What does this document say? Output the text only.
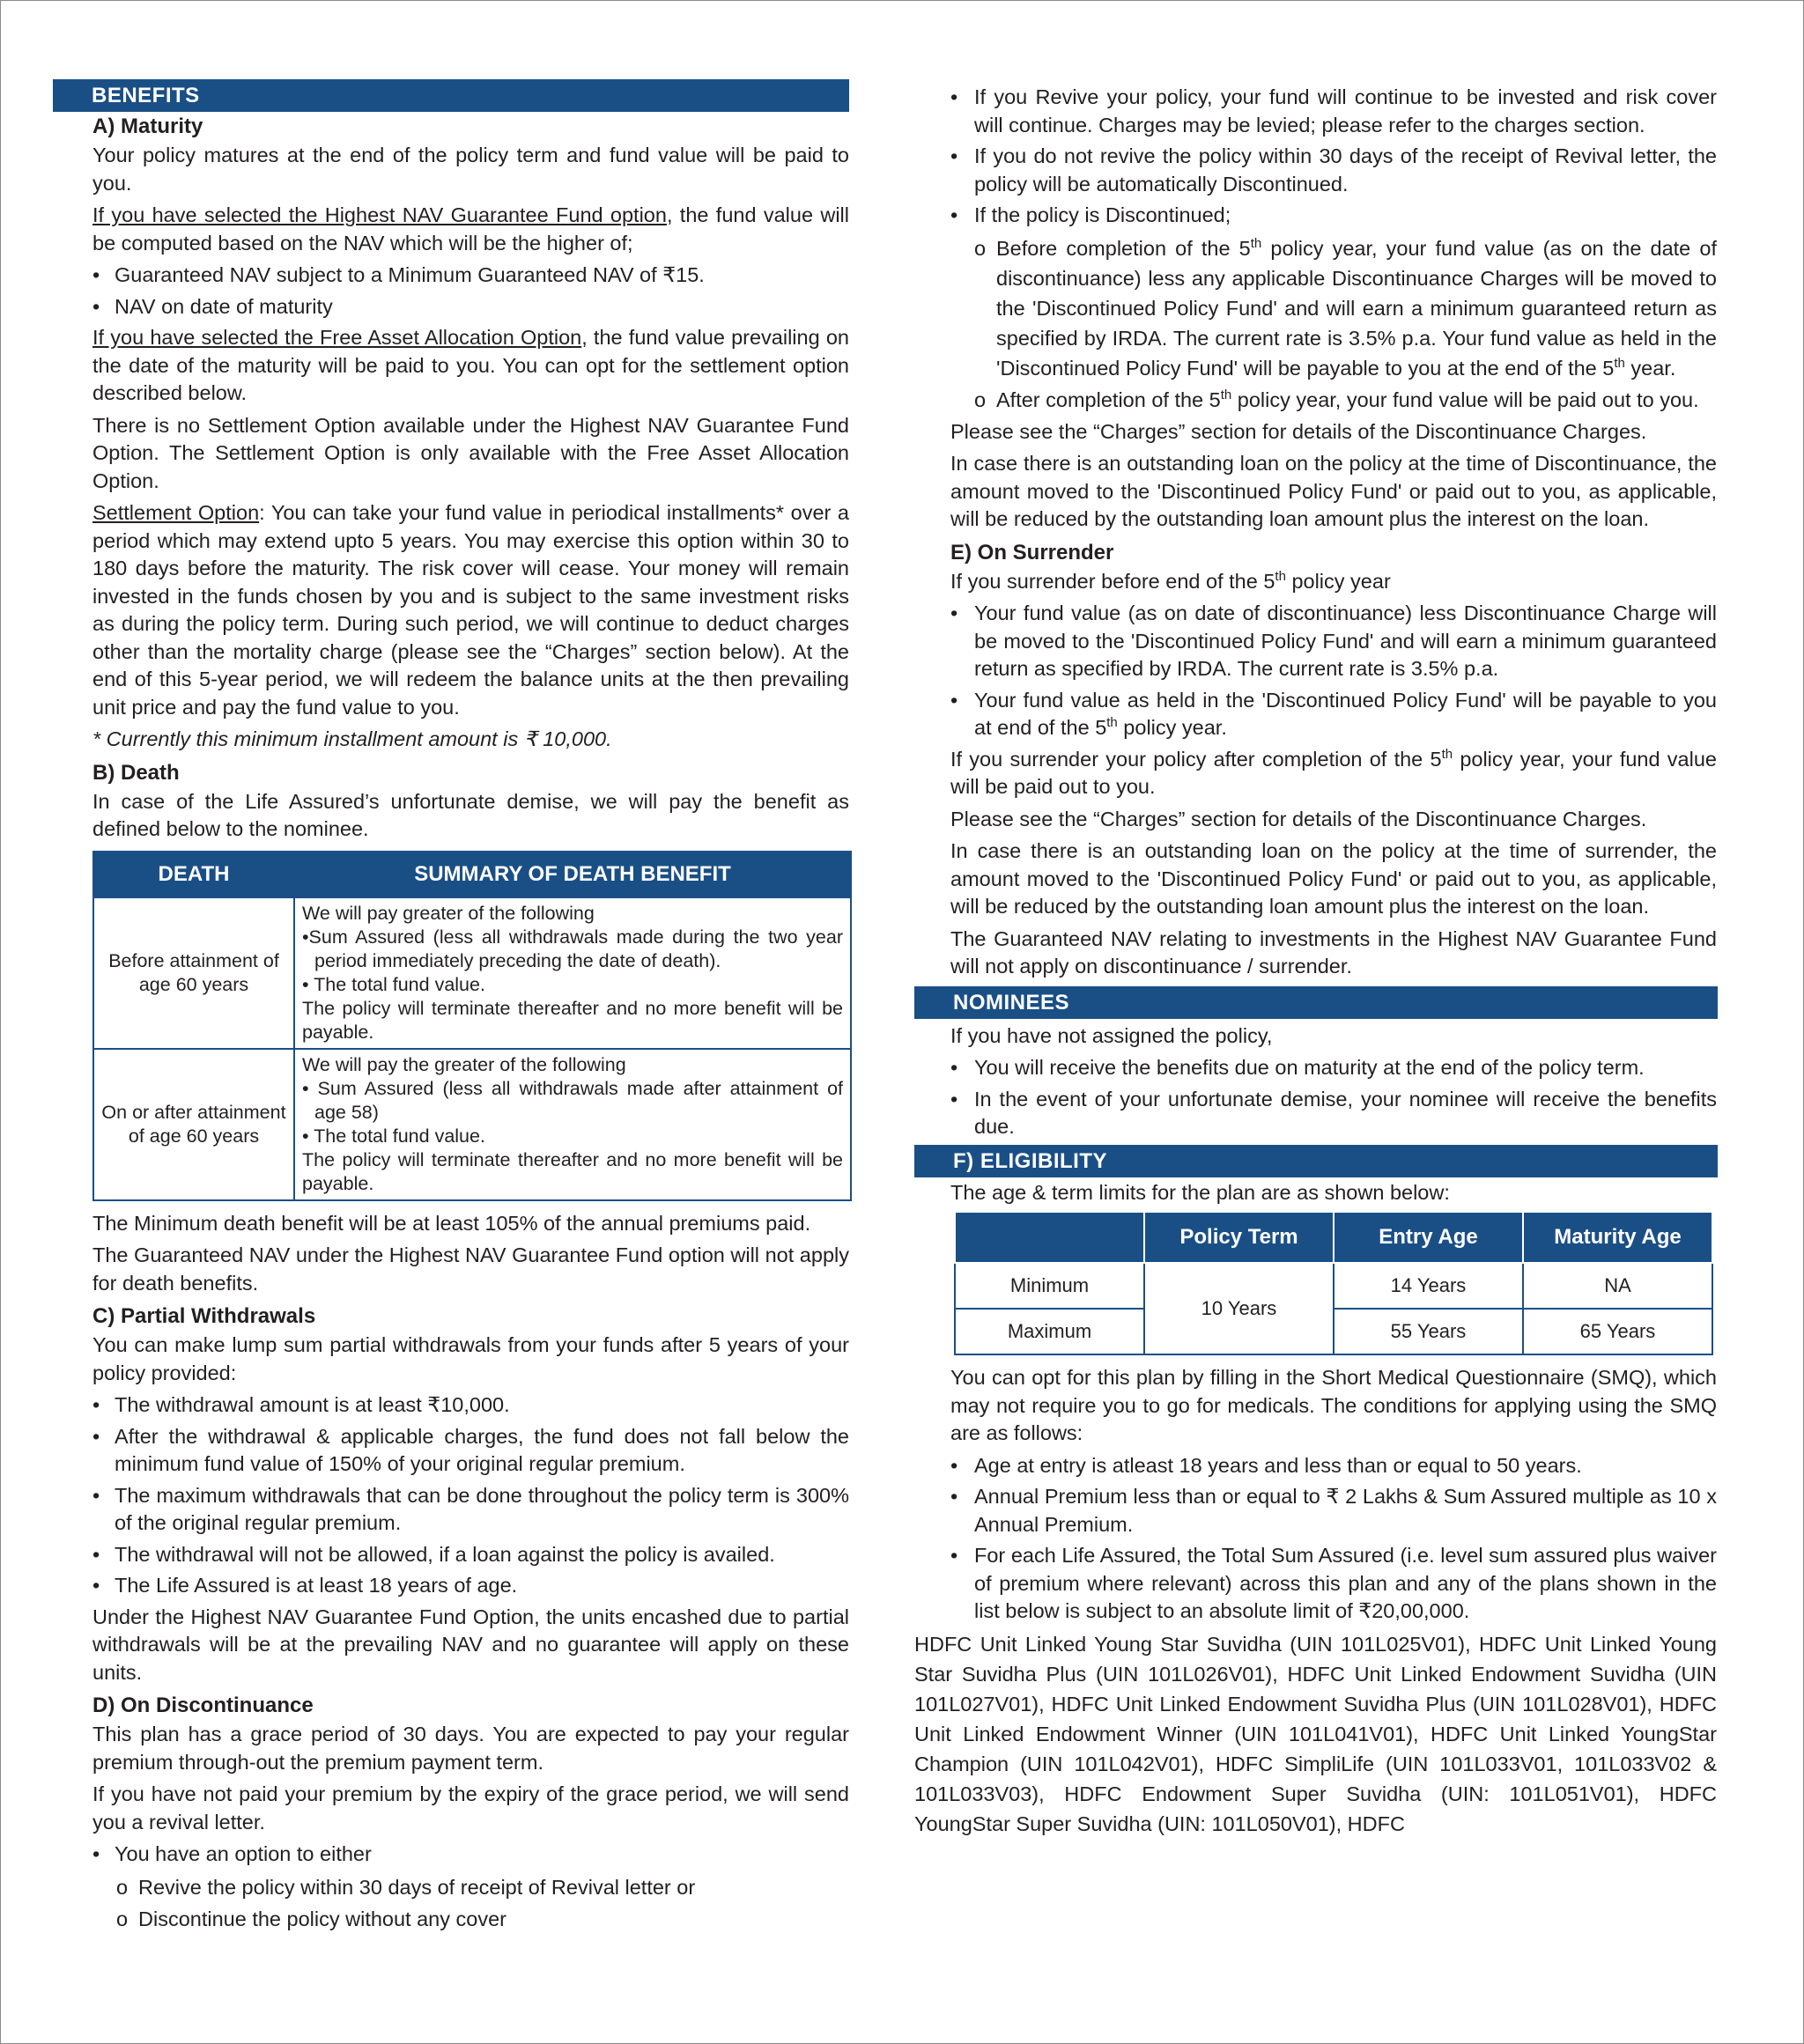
BENEFITS

A) Maturity

Your policy matures at the end of the policy term and fund value will be paid to you.

If you have selected the Highest NAV Guarantee Fund option, the fund value will be computed based on the NAV which will be the higher of;

• Guaranteed NAV subject to a Minimum Guaranteed NAV of ₹15.
• NAV on date of maturity

If you have selected the Free Asset Allocation Option, the fund value prevailing on the date of the maturity will be paid to you. You can opt for the settlement option described below.

There is no Settlement Option available under the Highest NAV Guarantee Fund Option. The Settlement Option is only available with the Free Asset Allocation Option.

Settlement Option: You can take your fund value in periodical installments* over a period which may extend upto 5 years. You may exercise this option within 30 to 180 days before the maturity. The risk cover will cease. Your money will remain invested in the funds chosen by you and is subject to the same investment risks as during the policy term. During such period, we will continue to deduct charges other than the mortality charge (please see the “Charges” section below). At the end of this 5-year period, we will redeem the balance units at the then prevailing unit price and pay the fund value to you.

* Currently this minimum installment amount is ₹ 10,000.

B) Death

In case of the Life Assured’s unfortunate demise, we will pay the benefit as defined below to the nominee.

DEATH	SUMMARY OF DEATH BENEFIT
Before attainment of age 60 years	We will pay greater of the following

•Sum Assured (less all withdrawals made during the two year period immediately preceding the date of death).

• The total fund value.

The policy will terminate thereafter and no more benefit will be payable.

On or after attainment of age 60 years	We will pay the greater of the following

• Sum Assured (less all withdrawals made after attainment of age 58)

• The total fund value.

The policy will terminate thereafter and no more benefit will be payable.

The Minimum death benefit will be at least 105% of the annual premiums paid.

The Guaranteed NAV under the Highest NAV Guarantee Fund option will not apply for death benefits.

C) Partial Withdrawals

You can make lump sum partial withdrawals from your funds after 5 years of your policy provided:

• The withdrawal amount is at least ₹10,000.
• After the withdrawal & applicable charges, the fund does not fall below the minimum fund value of 150% of your original regular premium.
• The maximum withdrawals that can be done throughout the policy term is 300% of the original regular premium.
• The withdrawal will not be allowed, if a loan against the policy is availed.
• The Life Assured is at least 18 years of age.

Under the Highest NAV Guarantee Fund Option, the units encashed due to partial withdrawals will be at the prevailing NAV and no guarantee will apply on these units.

D) On Discontinuance

This plan has a grace period of 30 days. You are expected to pay your regular premium through-out the premium payment term.

If you have not paid your premium by the expiry of the grace period, we will send you a revival letter.

• You have an option to either
o Revive the policy within 30 days of receipt of Revival letter or
o Discontinue the policy without any cover
• If you Revive your policy, your fund will continue to be invested and risk cover will continue. Charges may be levied; please refer to the charges section.
• If you do not revive the policy within 30 days of the receipt of Revival letter, the policy will be automatically Discontinued.
• If the policy is Discontinued;
o Before completion of the 5th policy year, your fund value (as on the date of discontinuance) less any applicable Discontinuance Charges will be moved to the 'Discontinued Policy Fund' and will earn a minimum guaranteed return as specified by IRDA. The current rate is 3.5% p.a. Your fund value as held in the 'Discontinued Policy Fund' will be payable to you at the end of the 5th year.
o After completion of the 5th policy year, your fund value will be paid out to you.

Please see the “Charges” section for details of the Discontinuance Charges.

In case there is an outstanding loan on the policy at the time of Discontinuance, the amount moved to the 'Discontinued Policy Fund' or paid out to you, as applicable, will be reduced by the outstanding loan amount plus the interest on the loan.

E) On Surrender

If you surrender before end of the 5th policy year

• Your fund value (as on date of discontinuance) less Discontinuance Charge will be moved to the 'Discontinued Policy Fund' and will earn a minimum guaranteed return as specified by IRDA. The current rate is 3.5% p.a.
• Your fund value as held in the 'Discontinued Policy Fund' will be payable to you at end of the 5th policy year.

If you surrender your policy after completion of the 5th policy year, your fund value will be paid out to you.

Please see the “Charges” section for details of the Discontinuance Charges.

In case there is an outstanding loan on the policy at the time of surrender, the amount moved to the 'Discontinued Policy Fund' or paid out to you, as applicable, will be reduced by the outstanding loan amount plus the interest on the loan.

The Guaranteed NAV relating to investments in the Highest NAV Guarantee Fund will not apply on discontinuance / surrender.

NOMINEES

If you have not assigned the policy,

• You will receive the benefits due on maturity at the end of the policy term.
• In the event of your unfortunate demise, your nominee will receive the benefits due.
F) ELIGIBILITY

The age & term limits for the plan are as shown below:

	Policy Term	Entry Age	Maturity Age
Minimum	10 Years	14 Years	NA
Maximum		55 Years	65 Years

You can opt for this plan by filling in the Short Medical Questionnaire (SMQ), which may not require you to go for medicals. The conditions for applying using the SMQ are as follows:

• Age at entry is atleast 18 years and less than or equal to 50 years.
• Annual Premium less than or equal to ₹ 2 Lakhs & Sum Assured multiple as 10 x Annual Premium.
• For each Life Assured, the Total Sum Assured (i.e. level sum assured plus waiver of premium where relevant) across this plan and any of the plans shown in the list below is subject to an absolute limit of ₹20,00,000.

HDFC Unit Linked Young Star Suvidha (UIN 101L025V01), HDFC Unit Linked Young Star Suvidha Plus (UIN 101L026V01), HDFC Unit Linked Endowment Suvidha (UIN 101L027V01), HDFC Unit Linked Endowment Suvidha Plus (UIN 101L028V01), HDFC Unit Linked Endowment Winner (UIN 101L041V01), HDFC Unit Linked YoungStar Champion (UIN 101L042V01), HDFC SimpliLife (UIN 101L033V01, 101L033V02 & 101L033V03), HDFC Endowment Super Suvidha (UIN: 101L051V01), HDFC YoungStar Super Suvidha (UIN: 101L050V01), HDFC
